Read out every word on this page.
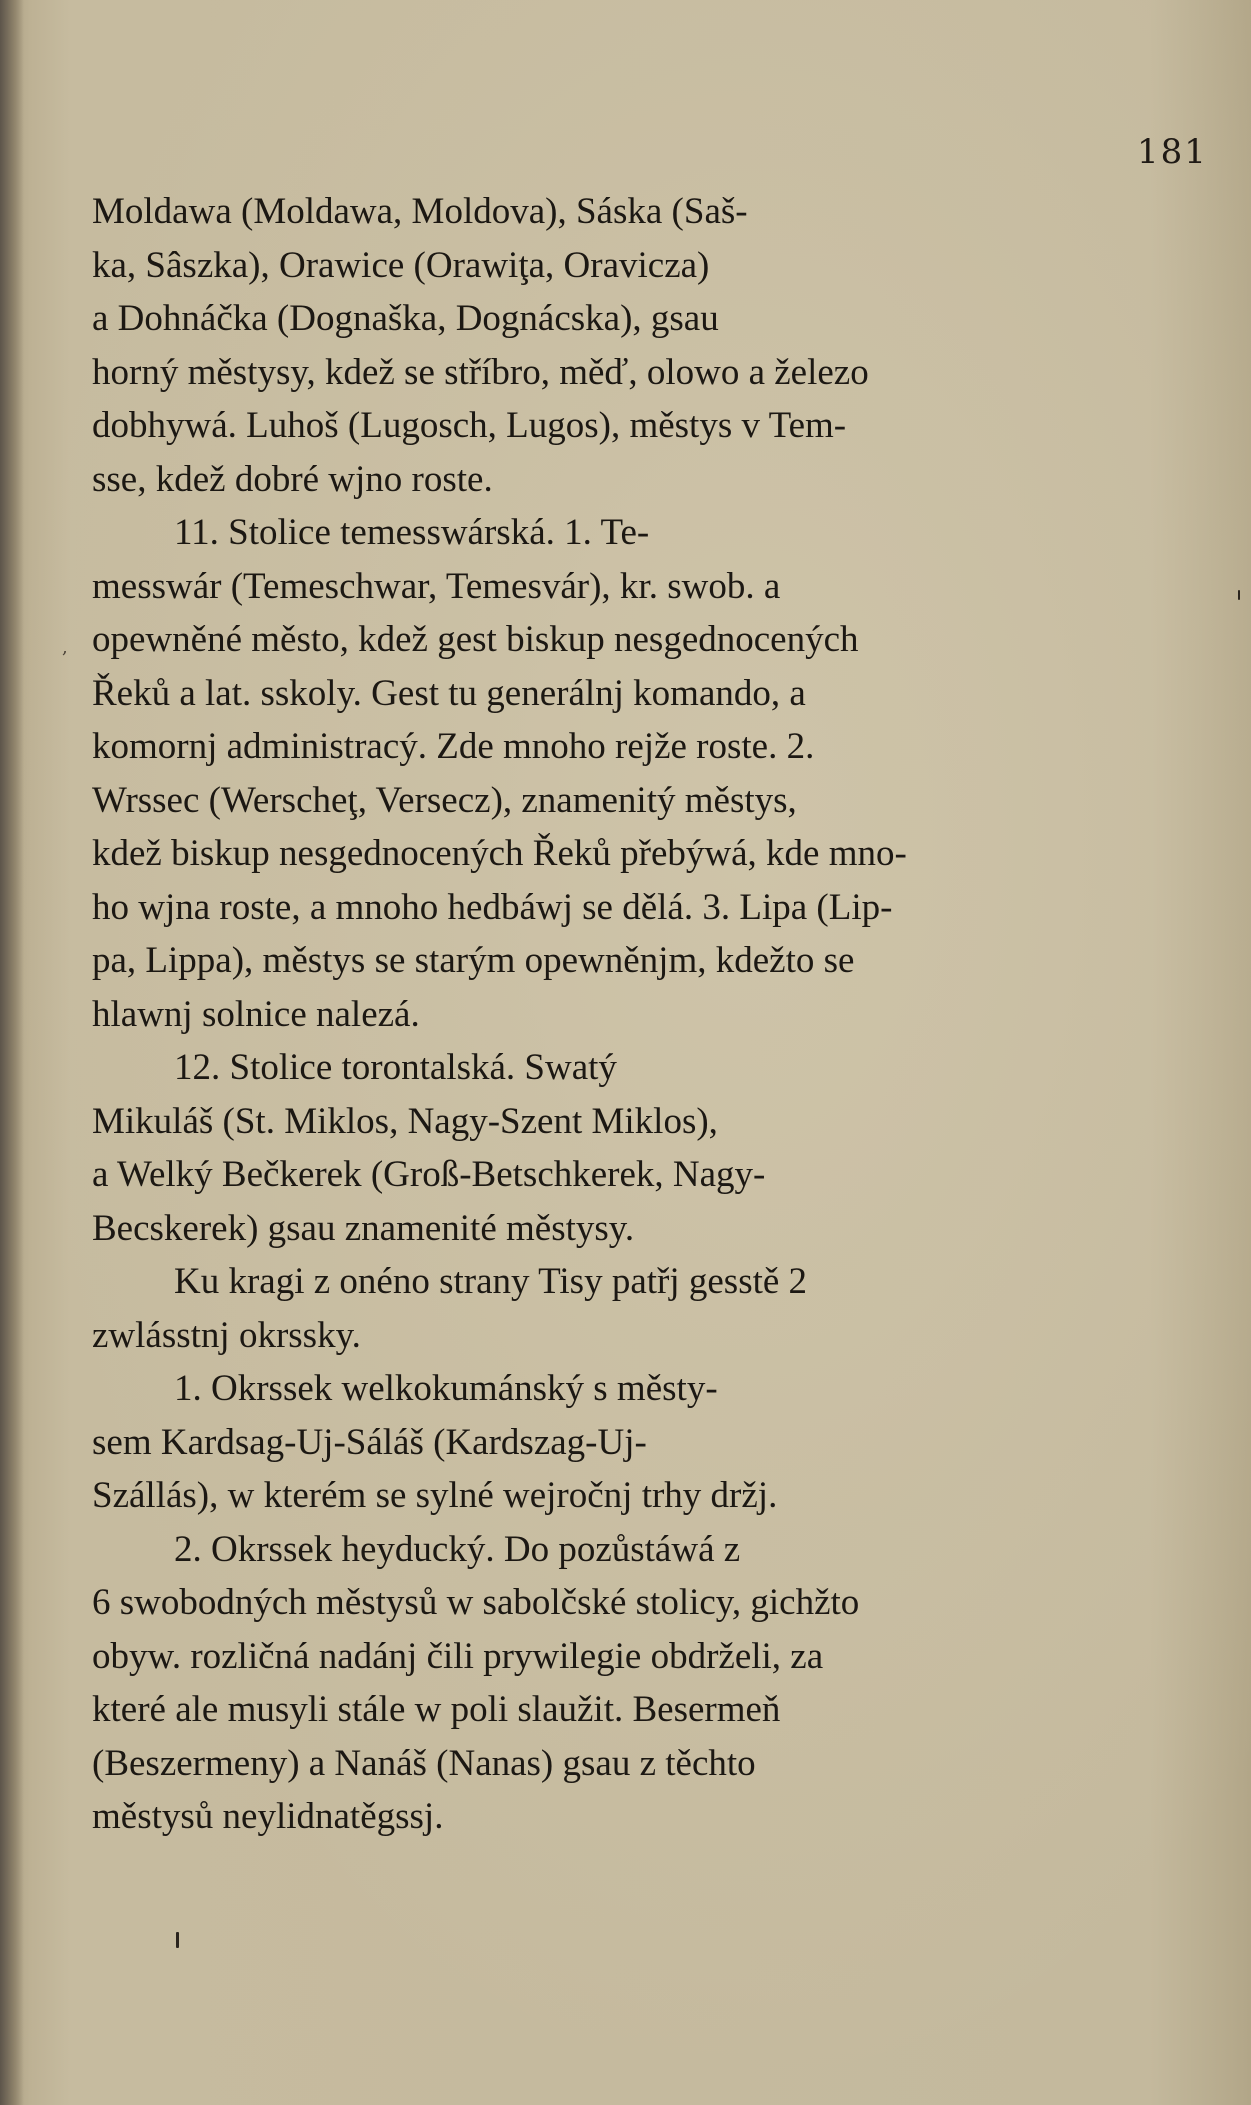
181
,
Moldawa (Moldawa, Moldova), Sáska (Saš-
ka, Sâszka), Orawice (Orawiţa, Oravicza)
a Dohnáčka (Dognaška, Dognácska), gsau
horný městysy, kdež se stříbro, měď, olowo a železo
dobhywá. Luhoš (Lugosch, Lugos), městys v Tem-
sse, kdež dobré wjno roste.
11. Stolice temesswárská. 1. Te-
messwár (Temeschwar, Temesvár), kr. swob. a
opewněné město, kdež gest biskup nesgednocených
Řeků a lat. sskoly. Gest tu generálnj komando, a
komornj administracý. Zde mnoho rejže roste. 2.
Wrssec (Werscheţ, Versecz), znamenitý městys,
kdež biskup nesgednocených Řeků přebýwá, kde mno-
ho wjna roste, a mnoho hedbáwj se dělá. 3. Lipa (Lip-
pa, Lippa), městys se starým opewněnjm, kdežto se
hlawnj solnice nalezá.
12. Stolice torontalská. Swatý
Mikuláš (St. Miklos, Nagy-Szent Miklos),
a Welký Bečkerek (Groß-Betschkerek, Nagy-
Becskerek) gsau znamenité městysy.
Ku kragi z onéno strany Tisy patřj gesstě 2
zwlásstnj okrssky.
1. Okrssek welkokumánský s městy-
sem Kardsag-Uj-Sáláš (Kardszag-Uj-
Szállás), w kterém se sylné wejročnj trhy držj.
2. Okrssek heyducký. Do pozůstáwá z
6 swobodných městysů w sabolčské stolicy, gichžto
obyw. rozličná nadánj čili prywilegie obdrželi, za
které ale musyli stále w poli slaužit. Besermeň
(Beszermeny) a Nanáš (Nanas) gsau z těchto
městysů neylidnatěgssj.
